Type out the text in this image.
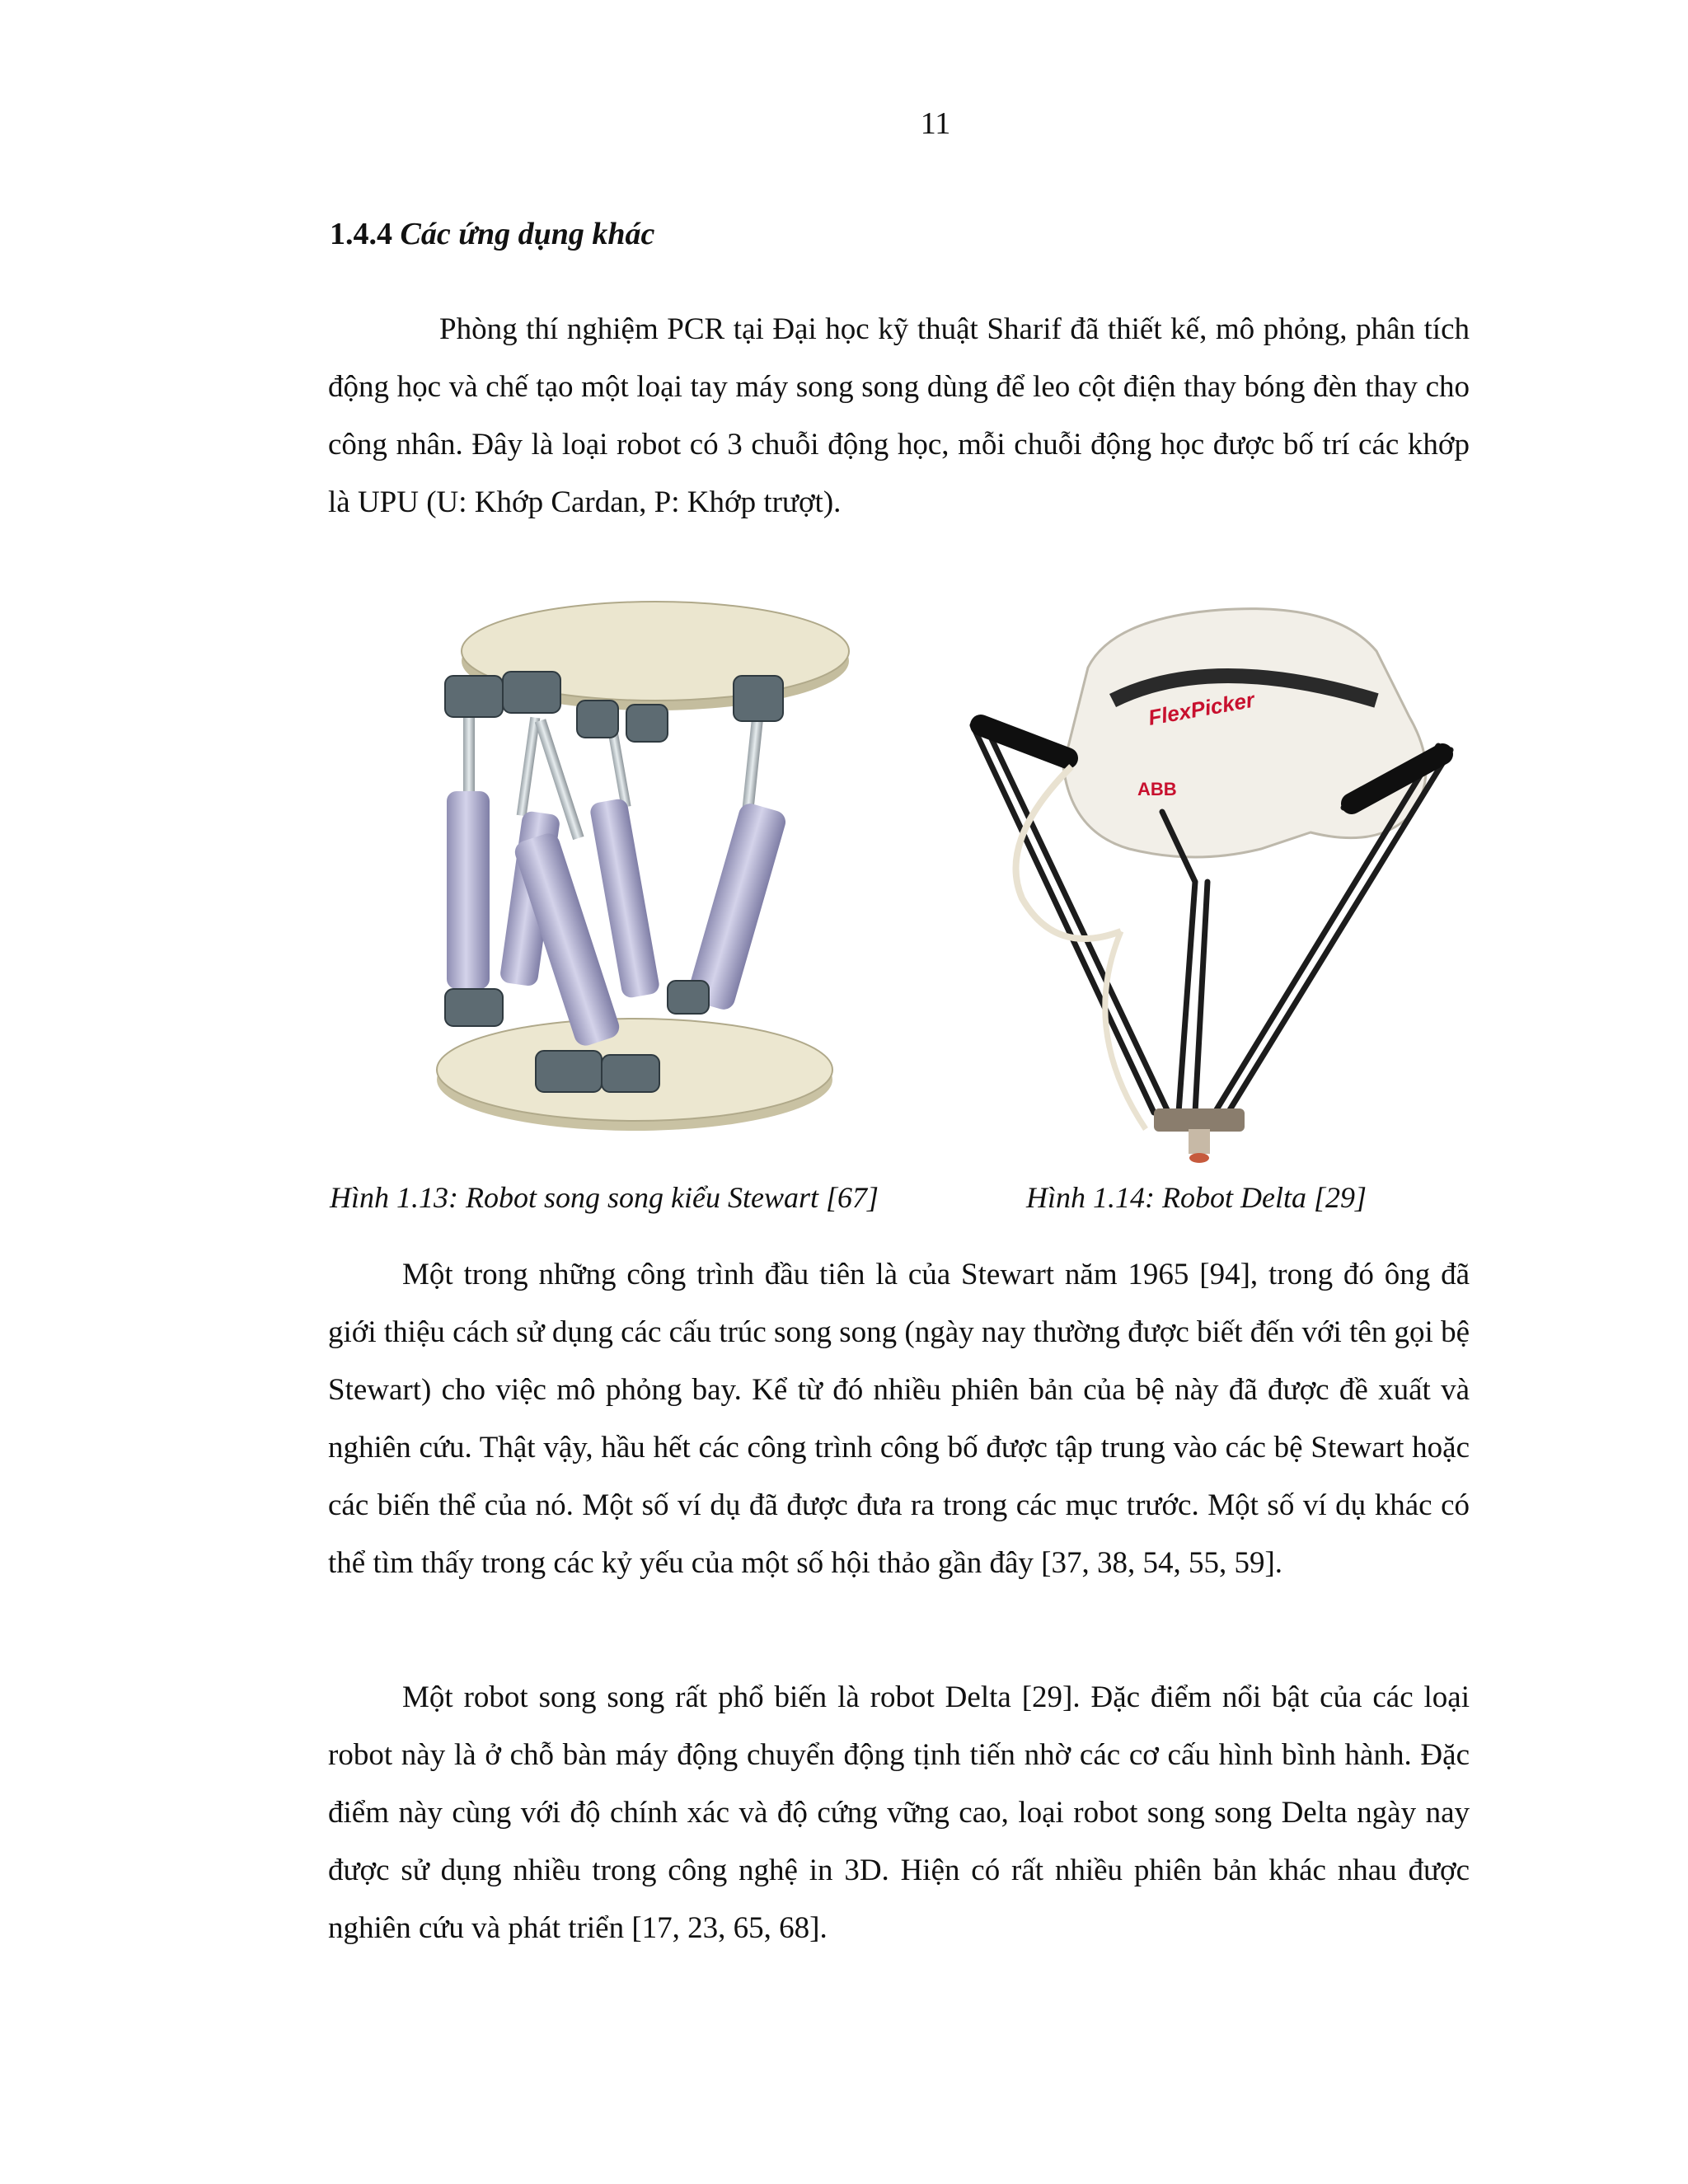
11
1.4.4 Các ứng dụng khác

Phòng thí nghiệm PCR tại Đại học kỹ thuật Sharif đã thiết kế, mô phỏng, phân tích động học và chế tạo một loại tay máy song song dùng để leo cột điện thay bóng đèn thay cho công nhân. Đây là loại robot có 3 chuỗi động học, mỗi chuỗi động học được bố trí các khớp là UPU (U: Khớp Cardan, P: Khớp trượt).

FlexPicker
ABB
Hình 1.13: Robot song song kiểu Stewart [67]	Hình 1.14: Robot Delta [29]

Một trong những công trình đầu tiên là của Stewart năm 1965 [94], trong đó ông đã giới thiệu cách sử dụng các cấu trúc song song (ngày nay thường được biết đến với tên gọi bệ Stewart) cho việc mô phỏng bay. Kể từ đó nhiều phiên bản của bệ này đã được đề xuất và nghiên cứu. Thật vậy, hầu hết các công trình công bố được tập trung vào các bệ Stewart hoặc các biến thể của nó. Một số ví dụ đã được đưa ra trong các mục trước. Một số ví dụ khác có thể tìm thấy trong các kỷ yếu của một số hội thảo gần đây [37, 38, 54, 55, 59].

Một robot song song rất phổ biến là robot Delta [29]. Đặc điểm nổi bật của các loại robot này là ở chỗ bàn máy động chuyển động tịnh tiến nhờ các cơ cấu hình bình hành. Đặc điểm này cùng với độ chính xác và độ cứng vững cao, loại robot song song Delta ngày nay được sử dụng nhiều trong công nghệ in 3D. Hiện có rất nhiều phiên bản khác nhau được nghiên cứu và phát triển [17, 23, 65, 68].
